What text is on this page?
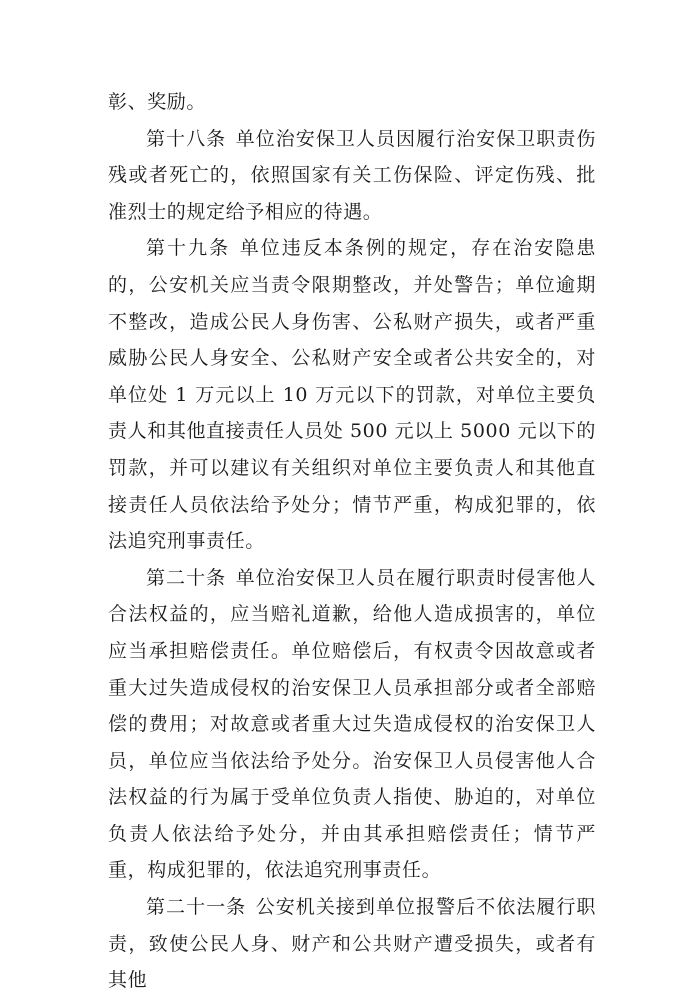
彰、奖励。

第十八条 单位治安保卫人员因履行治安保卫职责伤残或者死亡的，依照国家有关工伤保险、评定伤残、批准烈士的规定给予相应的待遇。

第十九条 单位违反本条例的规定，存在治安隐患的，公安机关应当责令限期整改，并处警告；单位逾期不整改，造成公民人身伤害、公私财产损失，或者严重威胁公民人身安全、公私财产安全或者公共安全的，对单位处 1 万元以上 10 万元以下的罚款，对单位主要负责人和其他直接责任人员处 500 元以上 5000 元以下的罚款，并可以建议有关组织对单位主要负责人和其他直接责任人员依法给予处分；情节严重，构成犯罪的，依法追究刑事责任。

第二十条 单位治安保卫人员在履行职责时侵害他人合法权益的，应当赔礼道歉，给他人造成损害的，单位应当承担赔偿责任。单位赔偿后，有权责令因故意或者重大过失造成侵权的治安保卫人员承担部分或者全部赔偿的费用；对故意或者重大过失造成侵权的治安保卫人员，单位应当依法给予处分。治安保卫人员侵害他人合法权益的行为属于受单位负责人指使、胁迫的，对单位负责人依法给予处分，并由其承担赔偿责任；情节严重，构成犯罪的，依法追究刑事责任。

第二十一条 公安机关接到单位报警后不依法履行职责，致使公民人身、财产和公共财产遭受损失，或者有其他
